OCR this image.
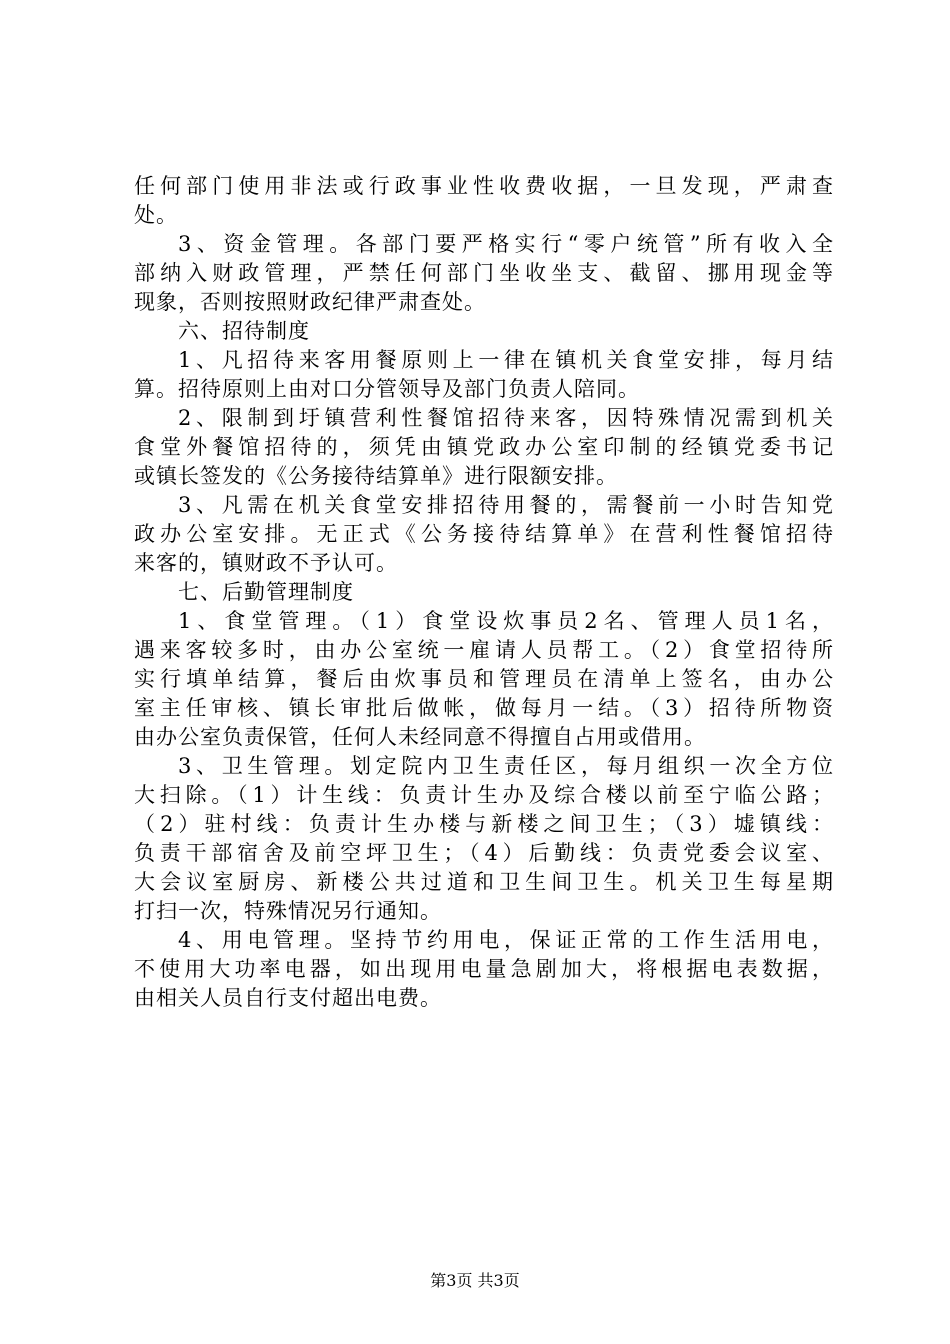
任何部门使用非法或行政事业性收费收据，一旦发现，严肃查
处。
3、资金管理。各部门要严格实行“零户统管”所有收入全
部纳入财政管理，严禁任何部门坐收坐支、截留、挪用现金等
现象，否则按照财政纪律严肃查处。
六、招待制度
1、凡招待来客用餐原则上一律在镇机关食堂安排，每月结
算。招待原则上由对口分管领导及部门负责人陪同。
2、限制到圩镇营利性餐馆招待来客，因特殊情况需到机关
食堂外餐馆招待的，须凭由镇党政办公室印制的经镇党委书记
或镇长签发的《公务接待结算单》进行限额安排。
3、凡需在机关食堂安排招待用餐的，需餐前一小时告知党
政办公室安排。无正式《公务接待结算单》在营利性餐馆招待
来客的，镇财政不予认可。
七、后勤管理制度
1、食堂管理。（1）食堂设炊事员2名、管理人员1名，
遇来客较多时，由办公室统一雇请人员帮工。（2）食堂招待所
实行填单结算，餐后由炊事员和管理员在清单上签名，由办公
室主任审核、镇长审批后做帐，做每月一结。（3）招待所物资
由办公室负责保管，任何人未经同意不得擅自占用或借用。
3、卫生管理。划定院内卫生责任区，每月组织一次全方位
大扫除。（1）计生线：负责计生办及综合楼以前至宁临公路；
（2）驻村线：负责计生办楼与新楼之间卫生；（3）墟镇线：
负责干部宿舍及前空坪卫生；（4）后勤线：负责党委会议室、
大会议室厨房、新楼公共过道和卫生间卫生。机关卫生每星期
打扫一次，特殊情况另行通知。
4、用电管理。坚持节约用电，保证正常的工作生活用电，
不使用大功率电器，如出现用电量急剧加大，将根据电表数据，
由相关人员自行支付超出电费。
第3页 共3页
